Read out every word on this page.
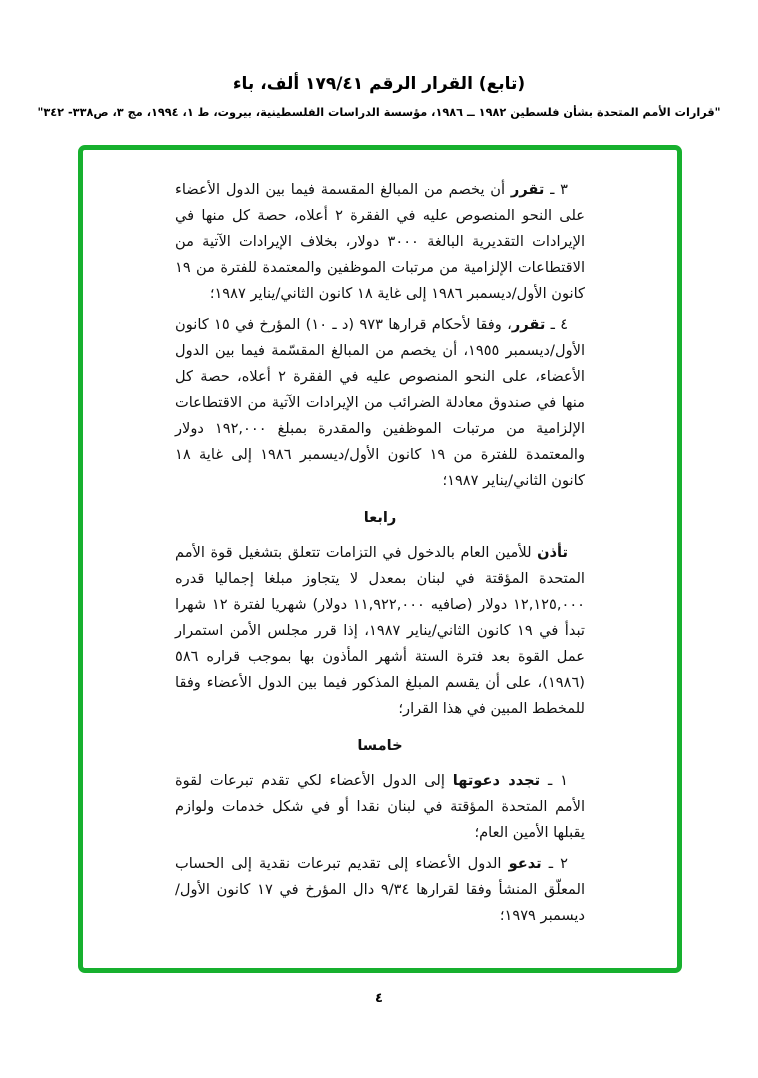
(تابع) القرار الرقم ١٧٩/٤١ ألف، باء
"قرارات الأمم المتحدة بشأن فلسطين ١٩٨٢ ــ ١٩٨٦، مؤسسة الدراسات الفلسطينية، بيروت، ط ١، ١٩٩٤، مج ٣، ص٣٣٨- ٣٤٢"

٣ ـ تقرر أن يخصم من المبالغ المقسمة فيما بين الدول الأعضاء على النحو المنصوص عليه في الفقرة ٢ أعلاه، حصة كل منها في الإيرادات التقديرية البالغة ٣٠٠٠ دولار، بخلاف الإيرادات الآتية من الاقتطاعات الإلزامية من مرتبات الموظفين والمعتمدة للفترة من ١٩ كانون الأول/ديسمبر ١٩٨٦ إلى غاية ١٨ كانون الثاني/يناير ١٩٨٧؛

٤ ـ تقرر، وفقا لأحكام قرارها ٩٧٣ (د ـ ١٠) المؤرخ في ١٥ كانون الأول/ديسمبر ١٩٥٥، أن يخصم من المبالغ المقسّمة فيما بين الدول الأعضاء، على النحو المنصوص عليه في الفقرة ٢ أعلاه، حصة كل منها في صندوق معادلة الضرائب من الإيرادات الآتية من الاقتطاعات الإلزامية من مرتبات الموظفين والمقدرة بمبلغ ١٩٢,٠٠٠ دولار والمعتمدة للفترة من ١٩ كانون الأول/ديسمبر ١٩٨٦ إلى غاية ١٨ كانون الثاني/يناير ١٩٨٧؛

رابعا

تأذن للأمين العام بالدخول في التزامات تتعلق بتشغيل قوة الأمم المتحدة المؤقتة في لبنان بمعدل لا يتجاوز مبلغا إجماليا قدره ١٢,١٢٥,٠٠٠ دولار (صافيه ١١,٩٢٢,٠٠٠ دولار) شهريا لفترة ١٢ شهرا تبدأ في ١٩ كانون الثاني/يناير ١٩٨٧، إذا قرر مجلس الأمن استمرار عمل القوة بعد فترة الستة أشهر المأذون بها بموجب قراره ٥٨٦ (١٩٨٦)، على أن يقسم المبلغ المذكور فيما بين الدول الأعضاء وفقا للمخطط المبين في هذا القرار؛

خامسا

١ ـ تجدد دعوتها إلى الدول الأعضاء لكي تقدم تبرعات لقوة الأمم المتحدة المؤقتة في لبنان نقدا أو في شكل خدمات ولوازم يقبلها الأمين العام؛

٢ ـ تدعو الدول الأعضاء إلى تقديم تبرعات نقدية إلى الحساب المعلّق المنشأ وفقا لقرارها ٩/٣٤ دال المؤرخ في ١٧ كانون الأول/ديسمبر ١٩٧٩؛

٤
